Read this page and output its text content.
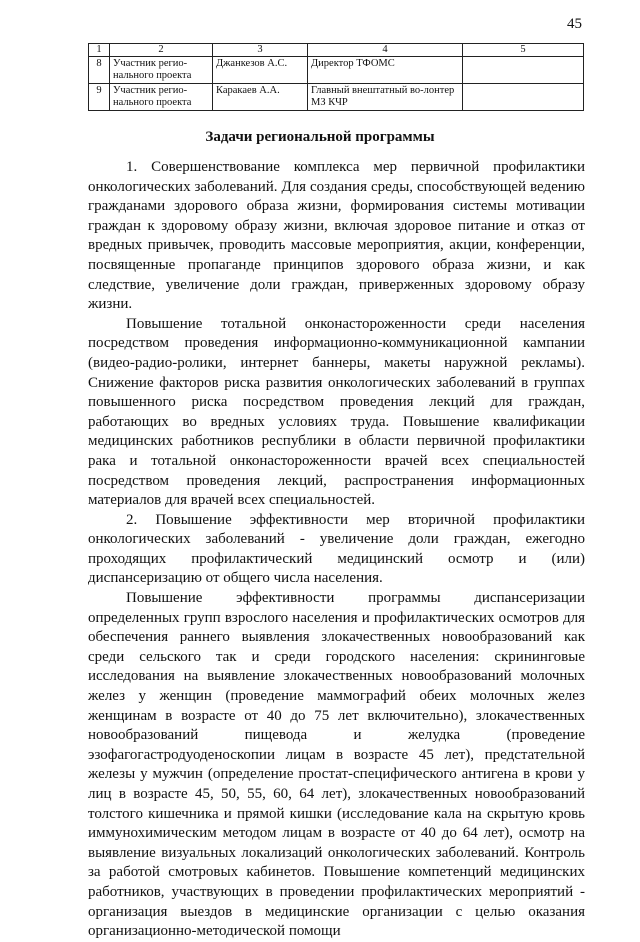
45
1	2	3	4	5
8	Участник регио-нального проекта	Джанкезов А.С.	Директор ТФОМС	
9	Участник регио-нального проекта	Каракаев А.А.	Главный внештатный во-лонтер МЗ КЧР	
Задачи региональной программы

1. Совершенствование комплекса мер первичной профилактики онкологических заболеваний. Для создания среды, способствующей ведению гражданами здорового образа жизни, формирования системы мотивации граждан к здоровому образу жизни, включая здоровое питание и отказ от вредных привычек, проводить массовые мероприятия, акции, конференции, посвященные пропаганде принципов здорового образа жизни, и как следствие, увеличение доли граждан, приверженных здоровому образу жизни.

Повышение тотальной онконастороженности среди населения посредством проведения информационно-коммуникационной кампании (видео-радио-ролики, интернет баннеры, макеты наружной рекламы). Снижение факторов риска развития онкологических заболеваний в группах повышенного риска посредством проведения лекций для граждан, работающих во вредных условиях труда. Повышение квалификации медицинских работников республики в области первичной профилактики рака и тотальной онконастороженности врачей всех специальностей посредством проведения лекций, распространения информационных материалов для врачей всех специальностей.

2. Повышение эффективности мер вторичной профилактики онкологических заболеваний - увеличение доли граждан, ежегодно проходящих профилактический медицинский осмотр и (или) диспансеризацию от общего числа населения.

Повышение эффективности программы диспансеризации определенных групп взрослого населения и профилактических осмотров для обеспечения раннего выявления злокачественных новообразований как среди сельского так и среди городского населения: скрининговые исследования на выявление злокачественных новообразований молочных желез у женщин (проведение маммографий обеих молочных желез женщинам в возрасте от 40 до 75 лет включительно), злокачественных новообразований пищевода и желудка (проведение эзофагогастродуоденоскопии лицам в возрасте 45 лет), предстательной железы у мужчин (определение простат-специфического антигена в крови у лиц в возрасте 45, 50, 55, 60, 64 лет), злокачественных новообразований толстого кишечника и прямой кишки (исследование кала на скрытую кровь иммунохимическим методом лицам в возрасте от 40 до 64 лет), осмотр на выявление визуальных локализаций онкологических заболеваний. Контроль за работой смотровых кабинетов. Повышение компетенций медицинских работников, участвующих в проведении профилактических мероприятий - организация выездов в медицинские организации с целью оказания организационно-методической помощи
